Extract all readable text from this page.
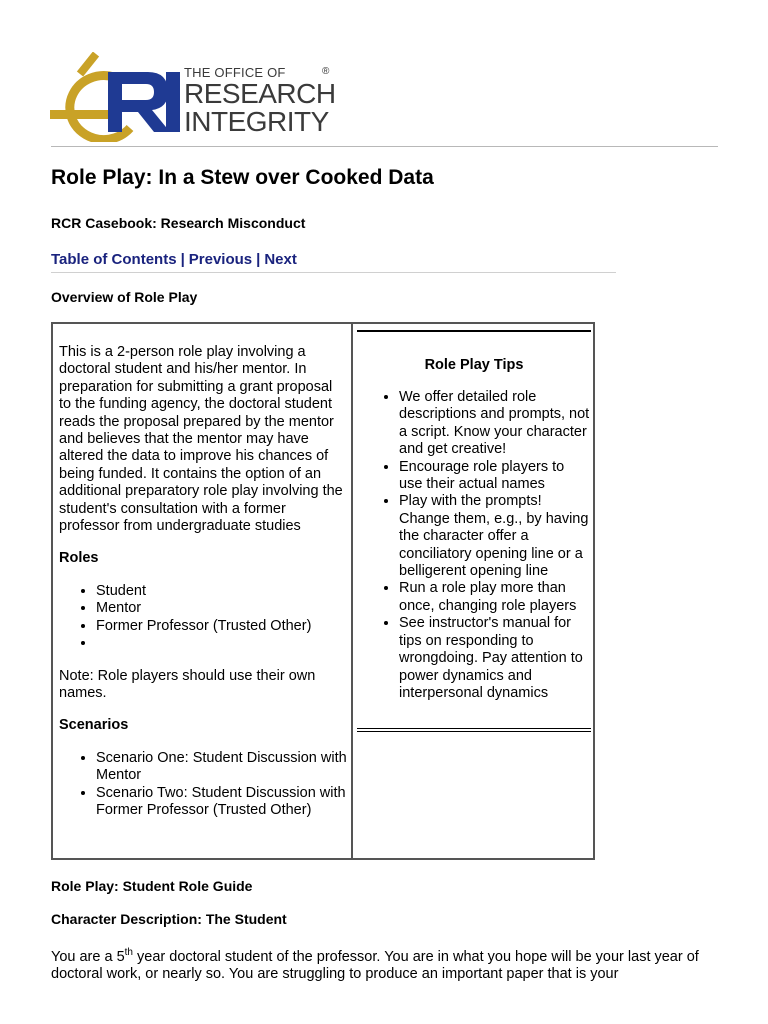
THE OFFICE OF
RESEARCH
INTEGRITY
®
Role Play: In a Stew over Cooked Data
RCR Casebook: Research Misconduct
Table of Contents | Previous | Next
Overview of Role Play

This is a 2-person role play involving a doctoral student and his/her mentor. In preparation for submitting a grant proposal to the funding agency, the doctoral student reads the proposal prepared by the mentor and believes that the mentor may have altered the data to improve his chances of being funded. It contains the option of an additional preparatory role play involving the student's consultation with a former professor from undergraduate studies

Roles
• Student
• Mentor
• Former Professor (Trusted Other)
•

Note: Role players should use their own names.

Scenarios
• Scenario One: Student Discussion with Mentor
• Scenario Two: Student Discussion with Former Professor (Trusted Other)
Role Play Tips
• We offer detailed role descriptions and prompts, not a script. Know your character and get creative!
• Encourage role players to use their actual names
• Play with the prompts! Change them, e.g., by having the character offer a conciliatory opening line or a belligerent opening line
• Run a role play more than once, changing role players
• See instructor's manual for tips on responding to wrongdoing. Pay attention to power dynamics and interpersonal dynamics
Role Play: Student Role Guide
Character Description: The Student
You are a 5th year doctoral student of the professor. You are in what you hope will be your last year of doctoral work, or nearly so. You are struggling to produce an important paper that is your
